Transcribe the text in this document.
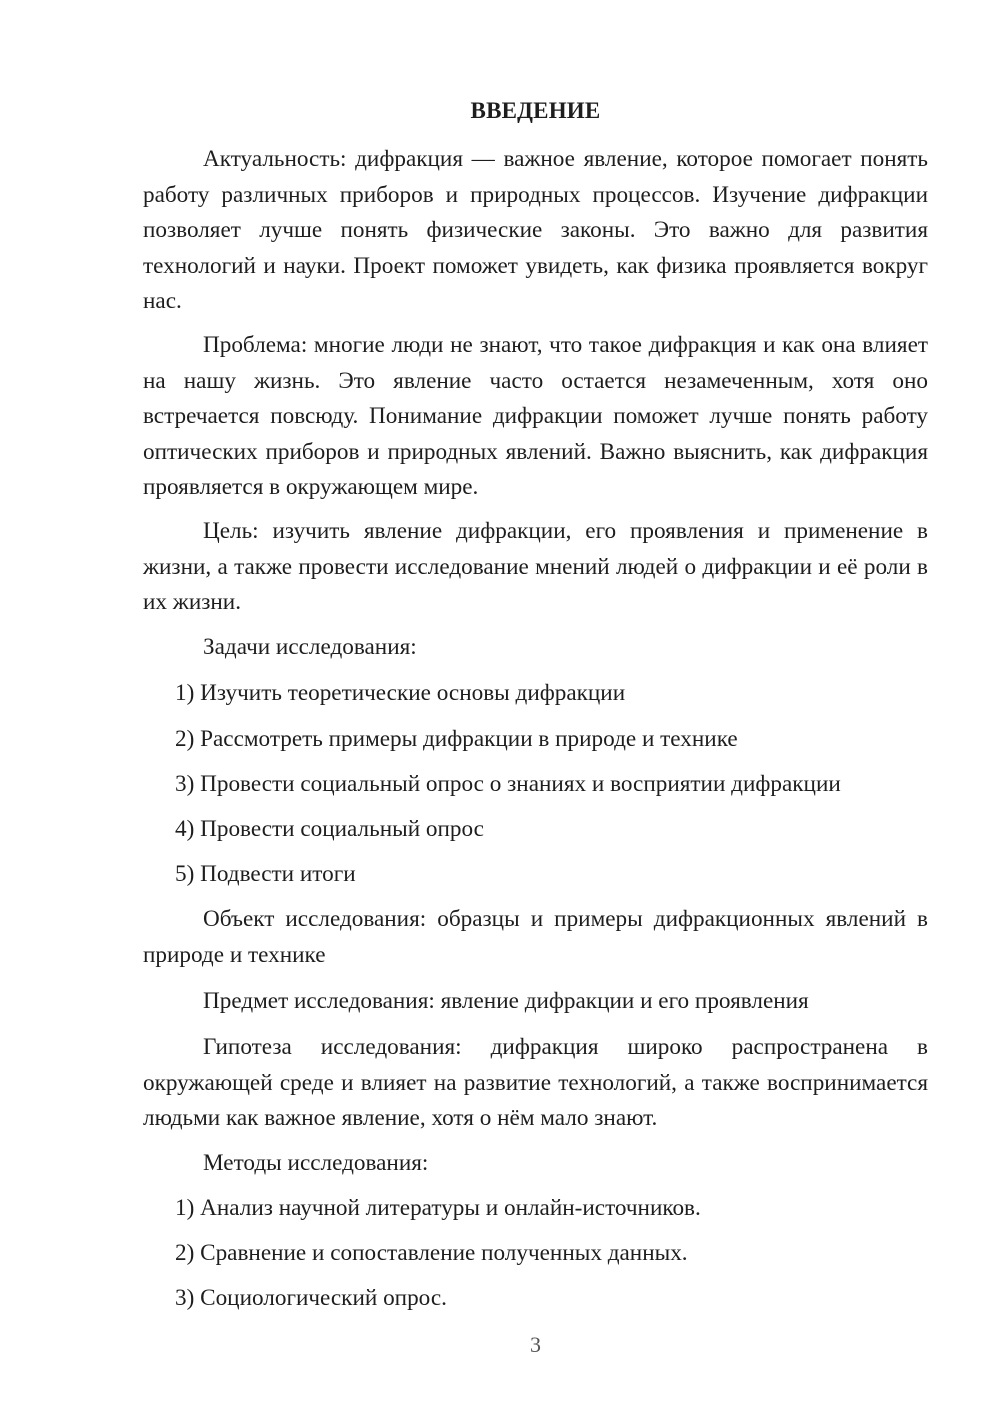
ВВЕДЕНИЕ

Актуальность: дифракция — важное явление, которое помогает понять работу различных приборов и природных процессов. Изучение дифракции позволяет лучше понять физические законы. Это важно для развития технологий и науки. Проект поможет увидеть, как физика проявляется вокруг нас.

Проблема: многие люди не знают, что такое дифракция и как она влияет на нашу жизнь. Это явление часто остается незамеченным, хотя оно встречается повсюду. Понимание дифракции поможет лучше понять работу оптических приборов и природных явлений. Важно выяснить, как дифракция проявляется в окружающем мире.

Цель: изучить явление дифракции, его проявления и применение в жизни, а также провести исследование мнений людей о дифракции и её роли в их жизни.

Задачи исследования:

1) Изучить теоретические основы дифракции

2) Рассмотреть примеры дифракции в природе и технике

3) Провести социальный опрос о знаниях и восприятии дифракции

4) Провести социальный опрос

5) Подвести итоги

Объект исследования: образцы и примеры дифракционных явлений в природе и технике

Предмет исследования: явление дифракции и его проявления

Гипотеза исследования: дифракция широко распространена в окружающей среде и влияет на развитие технологий, а также воспринимается людьми как важное явление, хотя о нём мало знают.

Методы исследования:

1) Анализ научной литературы и онлайн-источников.

2) Сравнение и сопоставление полученных данных.

3) Социологический опрос.

3
